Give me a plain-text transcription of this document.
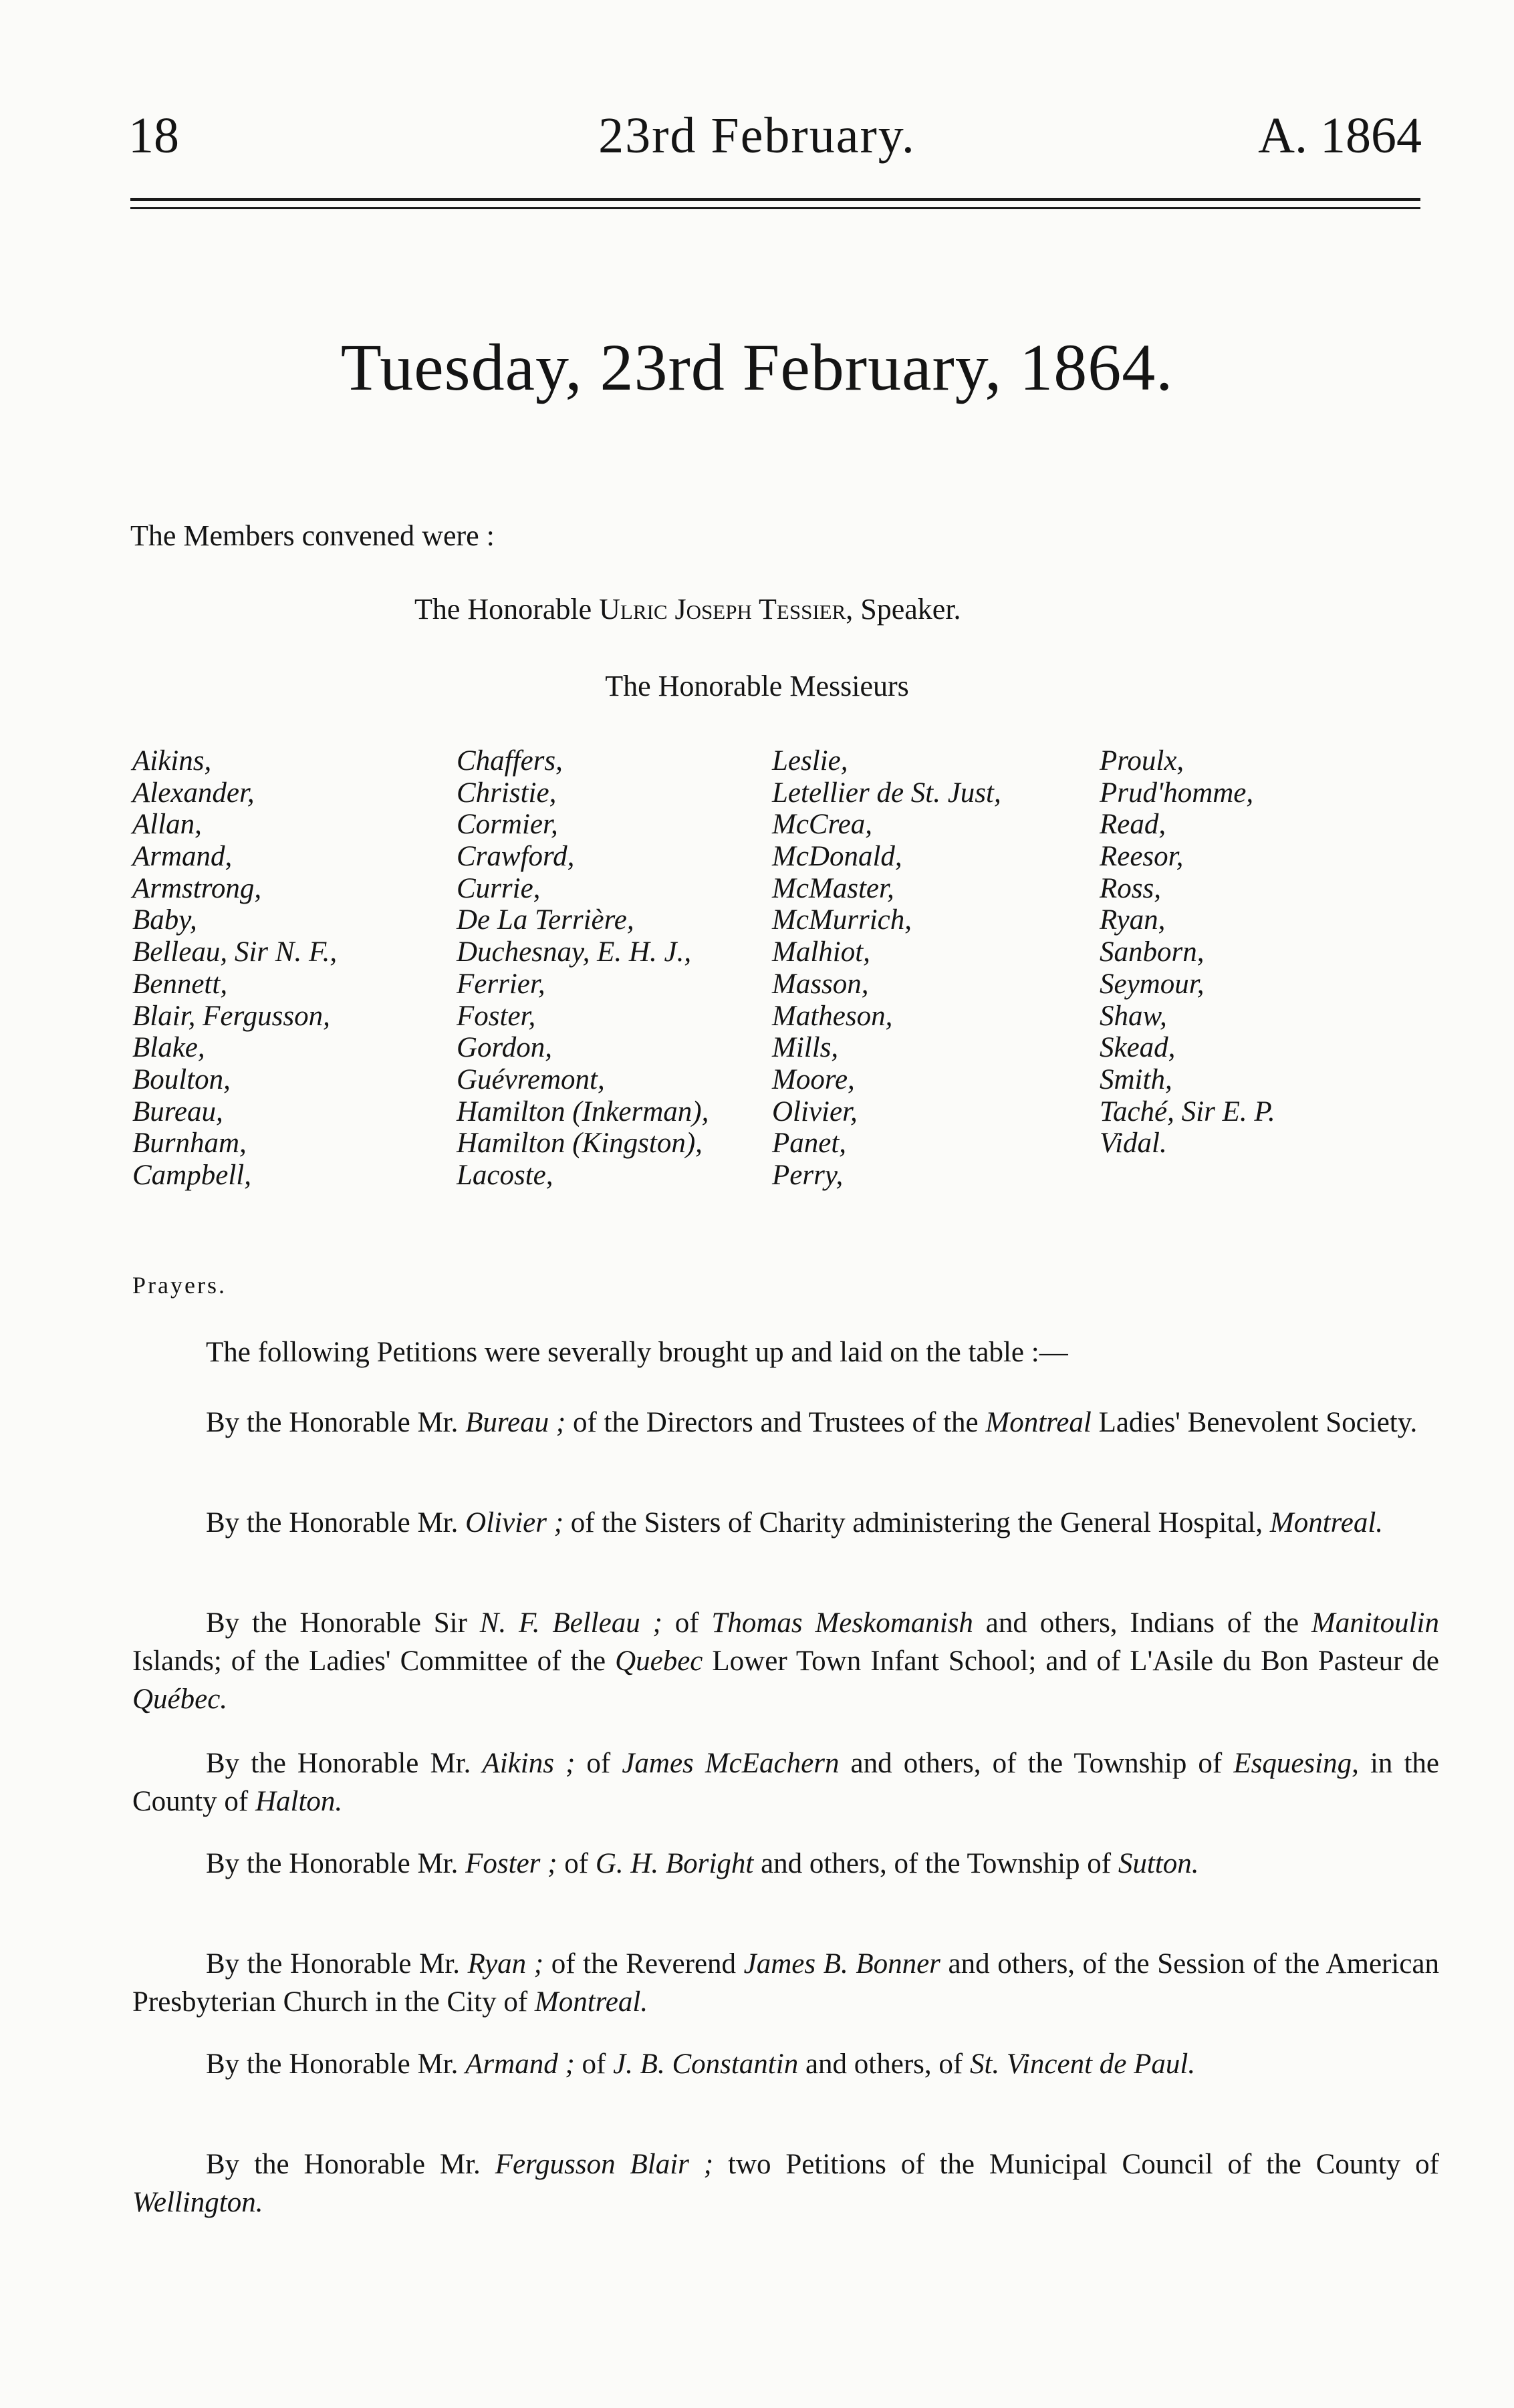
18	23rd February.	A. 1864
Tuesday, 23rd February, 1864.
The Members convened were :
The Honorable Ulric Joseph Tessier, Speaker.
The Honorable Messieurs
Aikins,
Alexander,
Allan,
Armand,
Armstrong,
Baby,
Belleau, Sir N. F.,
Bennett,
Blair, Fergusson,
Blake,
Boulton,
Bureau,
Burnham,
Campbell,
Chaffers,
Christie,
Cormier,
Crawford,
Currie,
De La Terrière,
Duchesnay, E. H. J.,
Ferrier,
Foster,
Gordon,
Guévremont,
Hamilton (Inkerman),
Hamilton (Kingston),
Lacoste,
Leslie,
Letellier de St. Just,
McCrea,
McDonald,
McMaster,
McMurrich,
Malhiot,
Masson,
Matheson,
Mills,
Moore,
Olivier,
Panet,
Perry,
Proulx,
Prud'homme,
Read,
Reesor,
Ross,
Ryan,
Sanborn,
Seymour,
Shaw,
Skead,
Smith,
Taché, Sir E. P.
Vidal.
Prayers.

The following Petitions were severally brought up and laid on the table :—

By the Honorable Mr. Bureau ; of the Directors and Trustees of the Montreal Ladies' Benevolent Society.

By the Honorable Mr. Olivier ; of the Sisters of Charity administering the General Hospital, Montreal.

By the Honorable Sir N. F. Belleau ; of Thomas Meskomanish and others, Indians of the Manitoulin Islands; of the Ladies' Committee of the Quebec Lower Town Infant School; and of L'Asile du Bon Pasteur de Québec.

By the Honorable Mr. Aikins ; of James McEachern and others, of the Township of Esquesing, in the County of Halton.

By the Honorable Mr. Foster ; of G. H. Boright and others, of the Township of Sutton.

By the Honorable Mr. Ryan ; of the Reverend James B. Bonner and others, of the Session of the American Presbyterian Church in the City of Montreal.

By the Honorable Mr. Armand ; of J. B. Constantin and others, of St. Vincent de Paul.

By the Honorable Mr. Fergusson Blair ; two Petitions of the Municipal Council of the County of Wellington.
